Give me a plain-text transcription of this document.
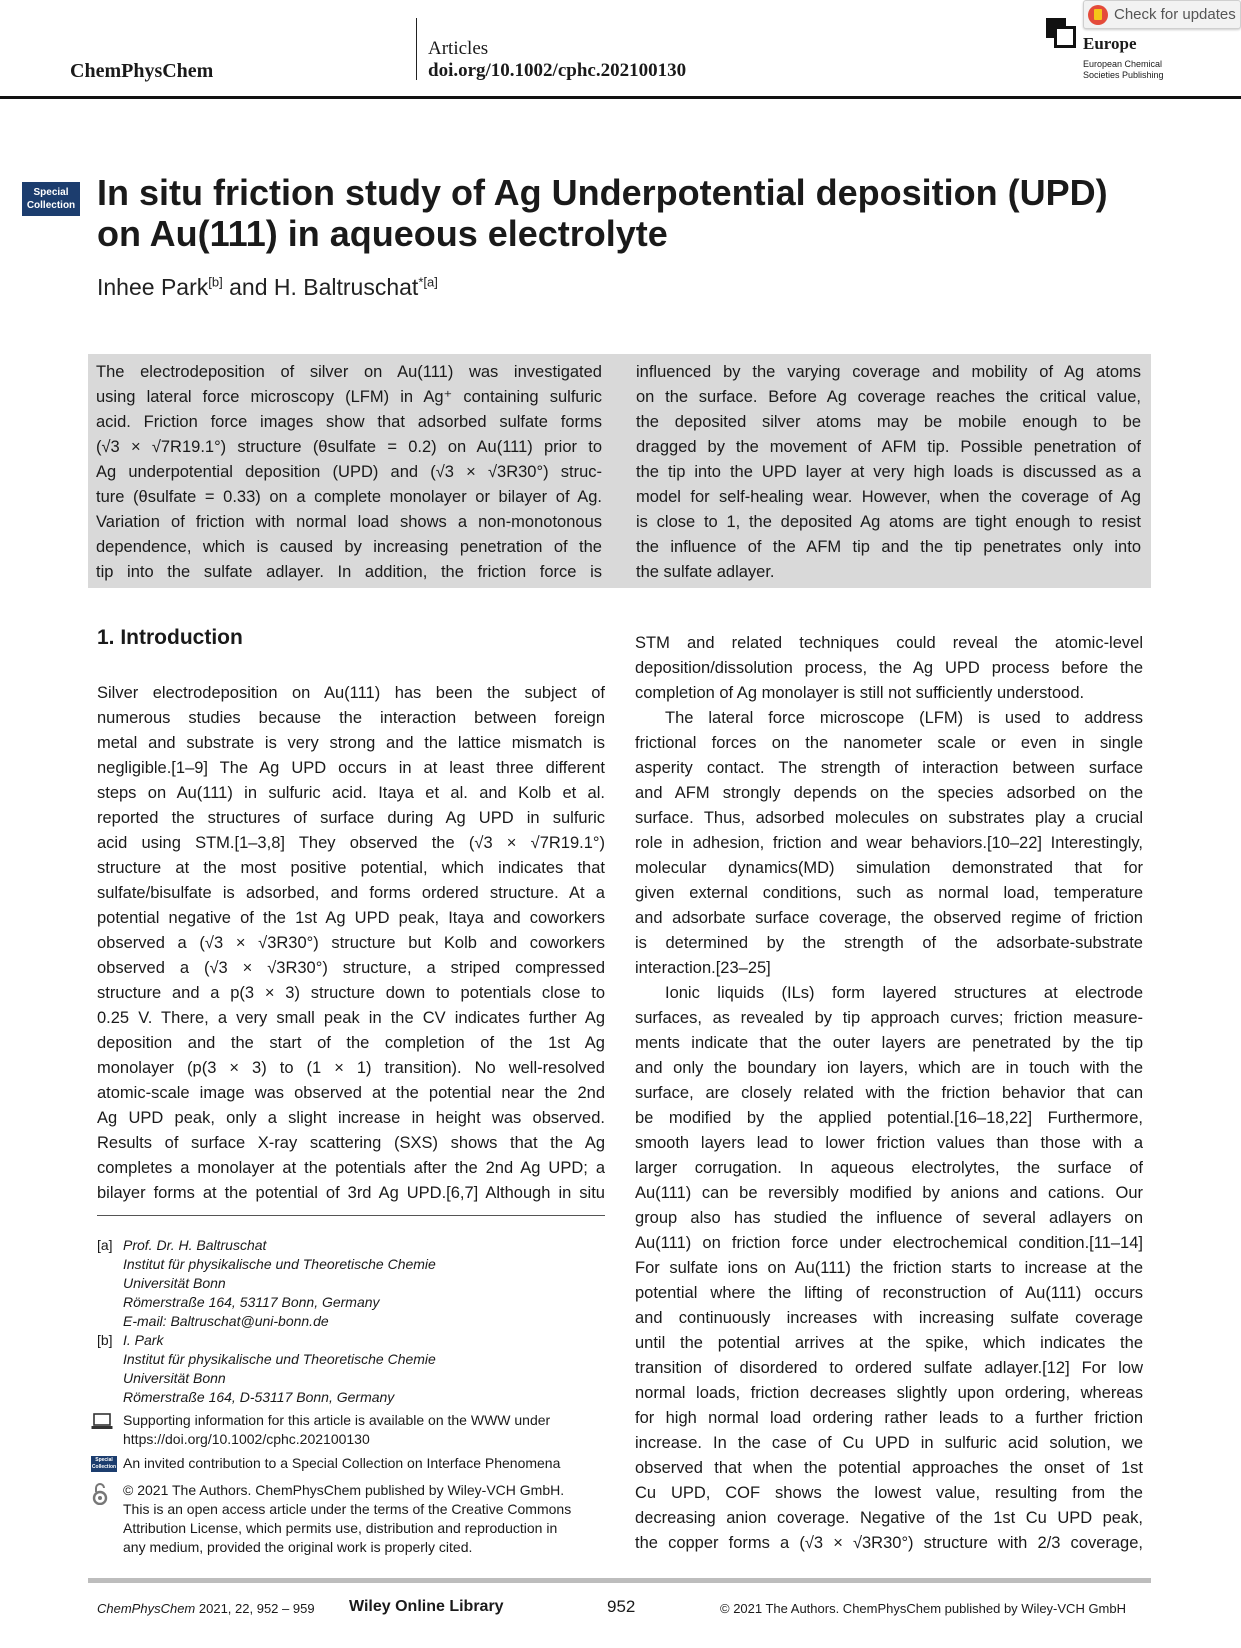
ChemPhysChem
Articles
doi.org/10.1002/cphc.202100130
Europe
European Chemical
Societies Publishing
Check for updates
Special
Collection In situ friction study of Ag Underpotential deposition (UPD)
on Au(111) in aqueous electrolyte
Inhee Park[b] and H. Baltruschat$^{*[a]}$
The electrodeposition of silver on Au(111) was investigated
using lateral force microscopy (LFM) in Ag⁺ containing sulfuric
acid. Friction force images show that adsorbed sulfate forms
(√3 × √7R19.1°) structure (θsulfate = 0.2) on Au(111) prior to
Ag underpotential deposition (UPD) and (√3 × √3R30°) struc-
ture (θsulfate = 0.33) on a complete monolayer or bilayer of Ag.
Variation of friction with normal load shows a non-monotonous
dependence, which is caused by increasing penetration of the
tip into the sulfate adlayer. In addition, the friction force is
influenced by the varying coverage and mobility of Ag atoms
on the surface. Before Ag coverage reaches the critical value,
the deposited silver atoms may be mobile enough to be
dragged by the movement of AFM tip. Possible penetration of
the tip into the UPD layer at very high loads is discussed as a
model for self-healing wear. However, when the coverage of Ag
is close to 1, the deposited Ag atoms are tight enough to resist
the influence of the AFM tip and the tip penetrates only into
the sulfate adlayer.
1. Introduction
Silver electrodeposition on Au(111) has been the subject of
numerous studies because the interaction between foreign
metal and substrate is very strong and the lattice mismatch is
negligible.[1–9] The Ag UPD occurs in at least three different
steps on Au(111) in sulfuric acid. Itaya et al. and Kolb et al.
reported the structures of surface during Ag UPD in sulfuric
acid using STM.[1–3,8] They observed the (√3 × √7R19.1°)
structure at the most positive potential, which indicates that
sulfate/bisulfate is adsorbed, and forms ordered structure. At a
potential negative of the 1st Ag UPD peak, Itaya and coworkers
observed a (√3 × √3R30°) structure but Kolb and coworkers
observed a (√3 × √3R30°) structure, a striped compressed
structure and a p(3 × 3) structure down to potentials close to
0.25 V. There, a very small peak in the CV indicates further Ag
deposition and the start of the completion of the 1st Ag
monolayer (p(3 × 3) to (1 × 1) transition). No well-resolved
atomic-scale image was observed at the potential near the 2nd
Ag UPD peak, only a slight increase in height was observed.
Results of surface X-ray scattering (SXS) shows that the Ag
completes a monolayer at the potentials after the 2nd Ag UPD; a
bilayer forms at the potential of 3rd Ag UPD.[6,7] Although in situ
STM and related techniques could reveal the atomic-level
deposition/dissolution process, the Ag UPD process before the
completion of Ag monolayer is still not sufficiently understood.
The lateral force microscope (LFM) is used to address
frictional forces on the nanometer scale or even in single
asperity contact. The strength of interaction between surface
and AFM strongly depends on the species adsorbed on the
surface. Thus, adsorbed molecules on substrates play a crucial
role in adhesion, friction and wear behaviors.[10–22] Interestingly,
molecular dynamics(MD) simulation demonstrated that for
given external conditions, such as normal load, temperature
and adsorbate surface coverage, the observed regime of friction
is determined by the strength of the adsorbate-substrate
interaction.[23–25]
Ionic liquids (ILs) form layered structures at electrode
surfaces, as revealed by tip approach curves; friction measure-
ments indicate that the outer layers are penetrated by the tip
and only the boundary ion layers, which are in touch with the
surface, are closely related with the friction behavior that can
be modified by the applied potential.[16–18,22] Furthermore,
smooth layers lead to lower friction values than those with a
larger corrugation. In aqueous electrolytes, the surface of
Au(111) can be reversibly modified by anions and cations. Our
group also has studied the influence of several adlayers on
Au(111) on friction force under electrochemical condition.[11–14]
For sulfate ions on Au(111) the friction starts to increase at the
potential where the lifting of reconstruction of Au(111) occurs
and continuously increases with increasing sulfate coverage
until the potential arrives at the spike, which indicates the
transition of disordered to ordered sulfate adlayer.[12] For low
normal loads, friction decreases slightly upon ordering, whereas
for high normal load ordering rather leads to a further friction
increase. In the case of Cu UPD in sulfuric acid solution, we
observed that when the potential approaches the onset of 1st
Cu UPD, COF shows the lowest value, resulting from the
decreasing anion coverage. Negative of the 1st Cu UPD peak,
the copper forms a (√3 × √3R30°) structure with 2/3 coverage,
[a] Prof. Dr. H. Baltruschat
Institut für physikalische und Theoretische Chemie
Universität Bonn
Römerstraße 164, 53117 Bonn, Germany
E-mail: Baltruschat@uni-bonn.de
[b] I. Park
Institut für physikalische und Theoretische Chemie
Universität Bonn
Römerstraße 164, D-53117 Bonn, Germany
Supporting information for this article is available on the WWW under
https://doi.org/10.1002/cphc.202100130
Special
Collection An invited contribution to a Special Collection on Interface Phenomena
© 2021 The Authors. ChemPhysChem published by Wiley-VCH GmbH.
This is an open access article under the terms of the Creative Commons
Attribution License, which permits use, distribution and reproduction in
any medium, provided the original work is properly cited.
ChemPhysChem 2021, 22, 952 – 959 Wiley Online Library	952	© 2021 The Authors. ChemPhysChem published by Wiley-VCH GmbH
